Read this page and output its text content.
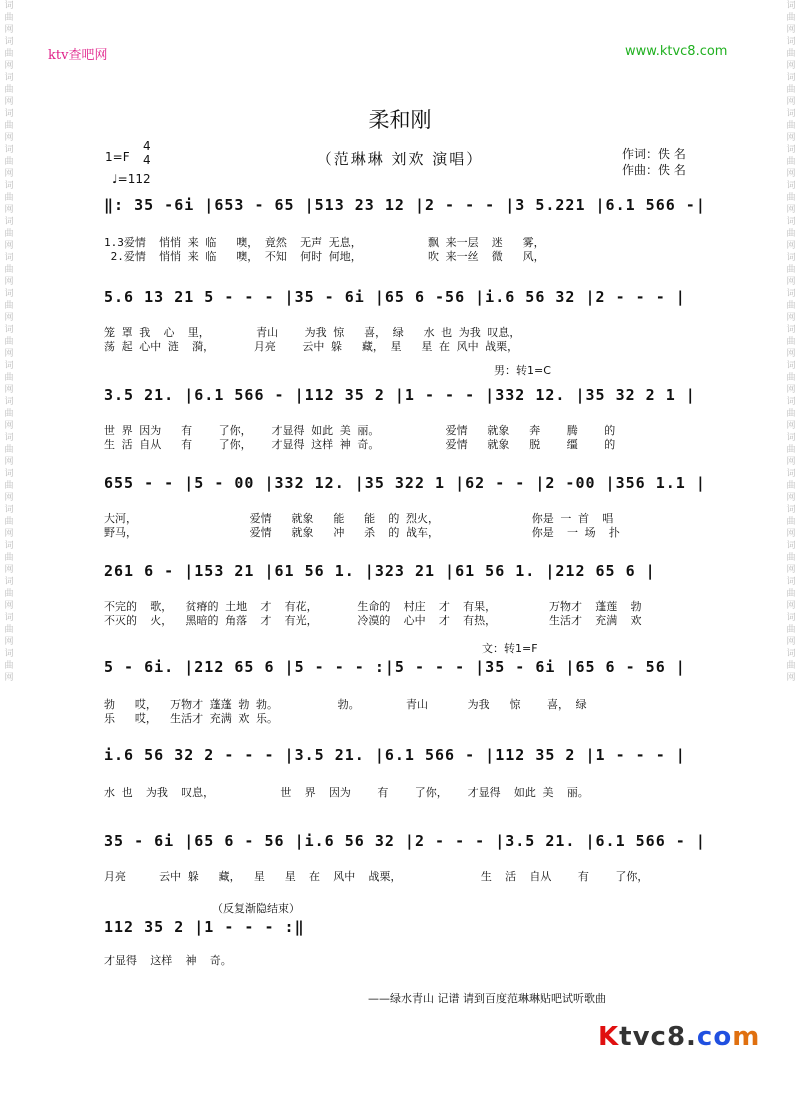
词
曲
网
词
曲
网
词
曲
网
词
曲
网
词
曲
网
词
曲
网
词
曲
网
词
曲
网
词
曲
网
词
曲
网
词
曲
网
词
曲
网
词
曲
网
词
曲
网
词
曲
网
词
曲
网
词
曲
网
词
曲
网
词
曲
网
词
曲
网
词
曲
网
词
曲
网
词
曲
网
词
曲
网
词
曲
网
词
曲
网
词
曲
网
词
曲
网
词
曲
网
词
曲
网
词
曲
网
词
曲
网
词
曲
网
词
曲
网
词
曲
网
词
曲
网
词
曲
网
词
曲
网
ktv查吧网	www.ktvc8.com
柔和刚
（范琳琳 刘欢 演唱）
1=F
4
4
♩=112
作词：佚 名
作曲：佚 名
‖: 35 -6i |653 - 65 |513 23 12 |2 - - - |3 5.221 |6.1 566 -|
1.3爱情  悄悄 来 临   噢， 竟然  无声 无息，          飘 来一层  迷   雾，
2.爱情  悄悄 来 临   噢， 不知  何时 何地，          吹 来一丝  微   风，
5.6 13 21 5 - - - |35 - 6i |65 6 -56 |i.6 56 32 |2 - - - |
笼 罩 我  心  里，       青山    为我 惊   喜， 绿   水 也 为我 叹息，
荡 起 心中 涟  漪，      月亮    云中 躲   藏， 星   星 在 风中 战栗，
男：转1=C
3.5 21. |6.1 566 - |112 35 2 |1 - - - |332 12. |35 32 2 1 |
世 界 因为   有    了你，   才显得 如此 美 丽。          爱情   就象   奔    腾    的
生 活 自从   有    了你，   才显得 这样 神 奇。          爱情   就象   脱    缰    的
655 - - |5 - 00 |332 12. |35 322 1 |62 - - |2 -00 |356 1.1 |
大河，                 爱情   就象   能   能  的 烈火，              你是 一 首  唱
野马，                 爱情   就象   冲   杀  的 战车，              你是  一 场  扑
261 6 - |153 21 |61 56 1. |323 21 |61 56 1. |212 65 6 |
不完的  歌，  贫瘠的 土地  才  有花，      生命的  村庄  才  有果，        万物才  蓬莲  勃
不灭的  火，  黑暗的 角落  才  有光，      冷漠的  心中  才  有热，        生活才  充满  欢
文：转1=F
5 - 6i. |212 65 6 |5 - - - :|5 - - - |35 - 6i |65 6 - 56 |
勃   哎，  万物才 蓬蓬 勃 勃。         勃。       青山      为我   惊    喜， 绿
乐   哎，  生活才 充满 欢 乐。
i.6 56 32 2 - - - |3.5 21. |6.1 566 - |112 35 2 |1 - - - |
水 也  为我  叹息，          世  界  因为    有    了你，   才显得  如此 美  丽。
35 - 6i |65 6 - 56 |i.6 56 32 |2 - - - |3.5 21. |6.1 566 - |
月亮     云中 躲   藏，  星   星  在  风中  战栗，            生  活  自从    有    了你，
（反复渐隐结束）
112 35 2 |1 - - - :‖
才显得  这样  神  奇。
——绿水青山 记谱 请到百度范琳琳贴吧试听歌曲
Ktvc8.com
